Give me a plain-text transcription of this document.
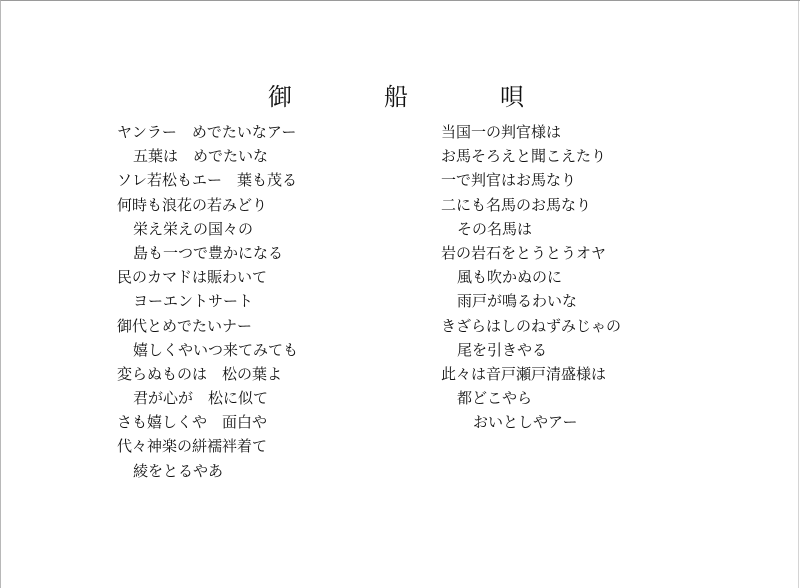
御　船　唄
ヤンラー　めでたいなアー
五葉は　めでたいな
ソレ若松もエー　葉も茂る
何時も浪花の若みどり
栄え栄えの国々の
島も一つで豊かになる
民のカマドは賑わいて
ヨーエントサート
御代とめでたいナー
嬉しくやいつ来てみても
変らぬものは　松の葉よ
君が心が　松に似て
さも嬉しくや　面白や
代々神楽の絣襦袢着て
綾をとるやあ
当国一の判官様は
お馬そろえと聞こえたり
一で判官はお馬なり
二にも名馬のお馬なり
その名馬は
岩の岩石をとうとうオヤ
風も吹かぬのに
雨戸が鳴るわいな
きざらはしのねずみじゃの
尾を引きやる
此々は音戸瀬戸清盛様は
都どこやら
おいとしやアー
